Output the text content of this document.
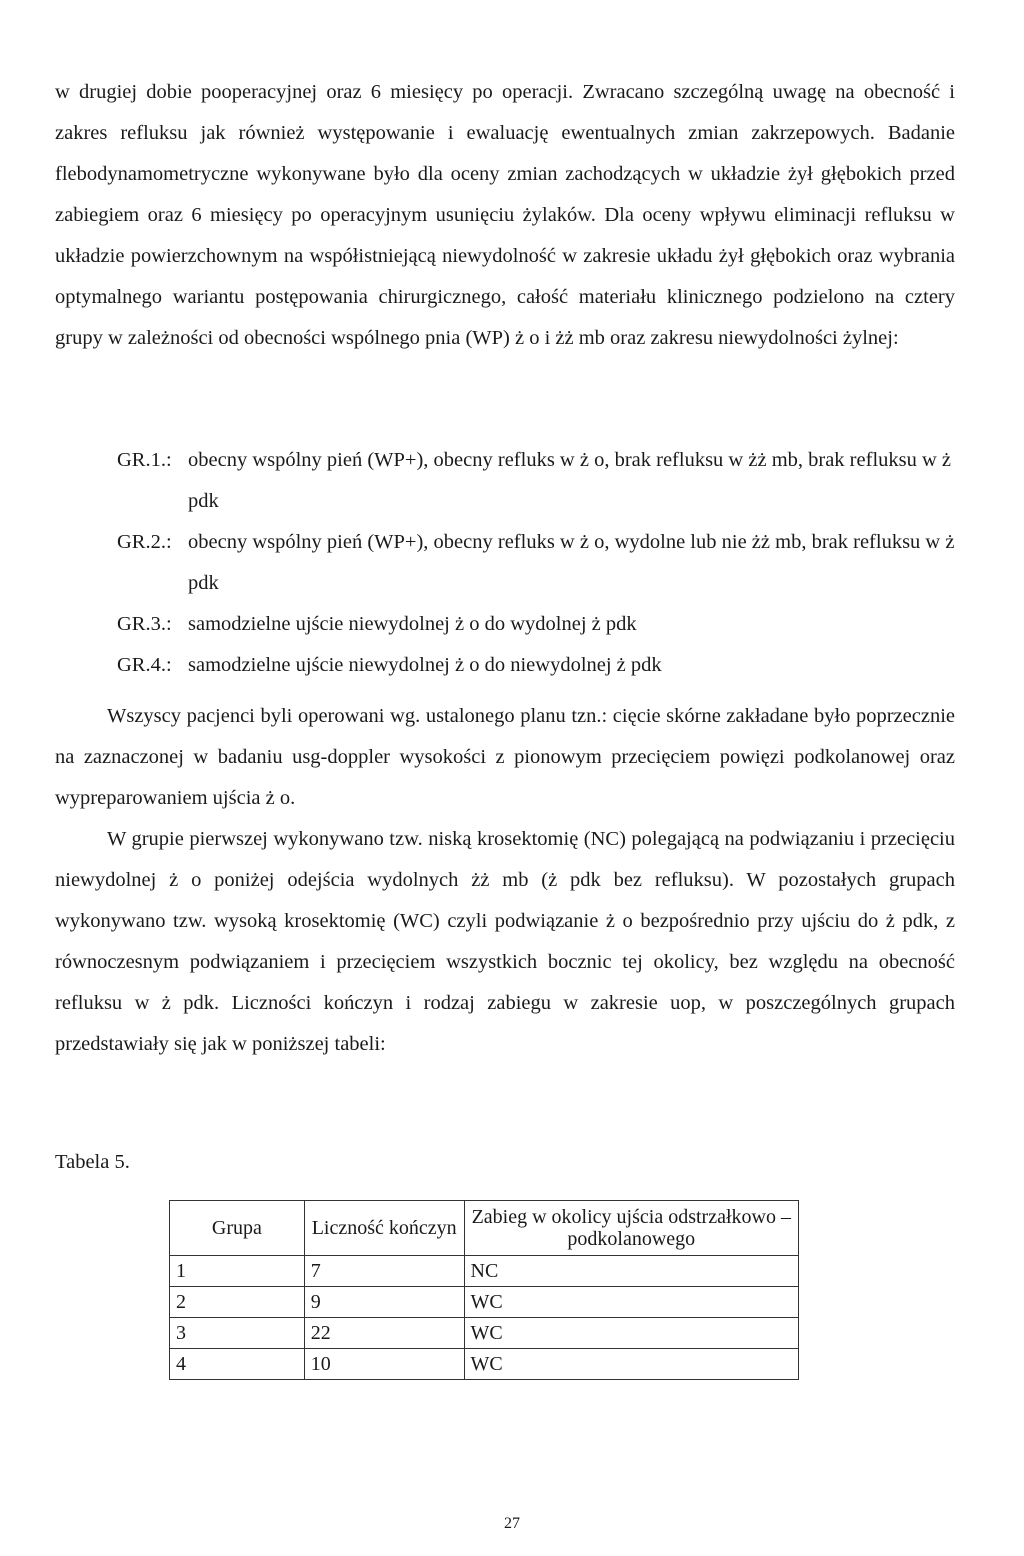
w drugiej dobie pooperacyjnej oraz 6 miesięcy po operacji. Zwracano szczególną uwagę na obecność i zakres refluksu jak również występowanie i ewaluację ewentualnych zmian zakrzepowych. Badanie flebodynamometryczne wykonywane było dla oceny zmian zachodzących w układzie żył głębokich przed zabiegiem oraz 6 miesięcy po operacyjnym usunięciu żylaków. Dla oceny wpływu eliminacji refluksu w układzie powierzchownym na współistniejącą niewydolność w zakresie układu żył głębokich oraz wybrania optymalnego wariantu postępowania chirurgicznego, całość materiału klinicznego podzielono na cztery grupy w zależności od obecności wspólnego pnia (WP) ż o i żż mb oraz zakresu niewydolności żylnej:

GR.1.: obecny wspólny pień (WP+), obecny refluks w ż o, brak refluksu w żż mb, brak refluksu w ż pdk
GR.2.: obecny wspólny pień (WP+), obecny refluks w ż o, wydolne lub nie żż mb, brak refluksu w ż pdk
GR.3.: samodzielne ujście niewydolnej ż o do wydolnej ż pdk
GR.4.: samodzielne ujście niewydolnej ż o do niewydolnej ż pdk

Wszyscy pacjenci byli operowani wg. ustalonego planu tzn.: cięcie skórne zakładane było poprzecznie na zaznaczonej w badaniu usg-doppler wysokości z pionowym przecięciem powięzi podkolanowej oraz wypreparowaniem ujścia ż o.

W grupie pierwszej wykonywano tzw. niską krosektomię (NC) polegającą na podwiązaniu i przecięciu niewydolnej ż o poniżej odejścia wydolnych żż mb (ż pdk bez refluksu). W pozostałych grupach wykonywano tzw. wysoką krosektomię (WC) czyli podwiązanie ż o bezpośrednio przy ujściu do ż pdk, z równoczesnym podwiązaniem i przecięciem wszystkich bocznic tej okolicy, bez względu na obecność refluksu w ż pdk. Liczności kończyn i rodzaj zabiegu w zakresie uop, w poszczególnych grupach przedstawiały się jak w poniższej tabeli:

Tabela 5.
Grupa	Liczność kończyn	Zabieg w okolicy ujścia odstrzałkowo –podkolanowego
1	7	NC
2	9	WC
3	22	WC
4	10	WC
27
